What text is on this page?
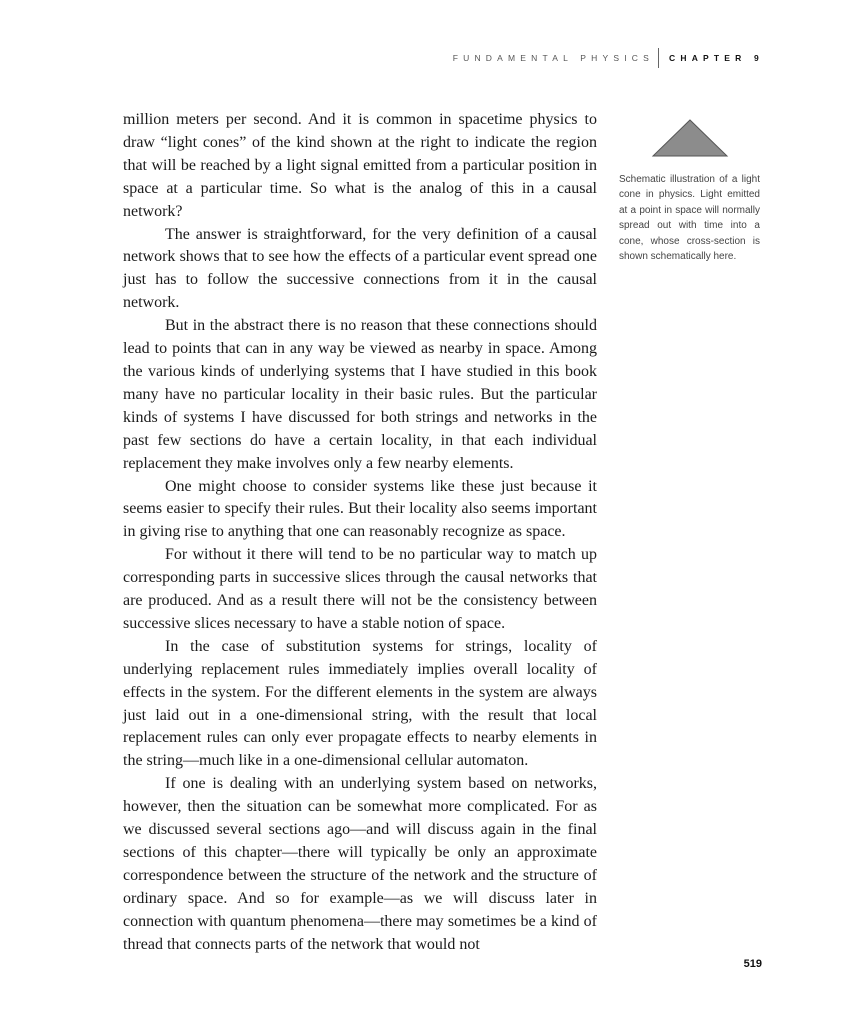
FUNDAMENTAL PHYSICS CHAPTER 9

million meters per second. And it is common in spacetime physics to draw “light cones” of the kind shown at the right to indicate the region that will be reached by a light signal emitted from a particular position in space at a particular time. So what is the analog of this in a causal network?

The answer is straightforward, for the very definition of a causal network shows that to see how the effects of a particular event spread one just has to follow the successive connections from it in the causal network.

But in the abstract there is no reason that these connections should lead to points that can in any way be viewed as nearby in space. Among the various kinds of underlying systems that I have studied in this book many have no particular locality in their basic rules. But the particular kinds of systems I have discussed for both strings and networks in the past few sections do have a certain locality, in that each individual replacement they make involves only a few nearby elements.

One might choose to consider systems like these just because it seems easier to specify their rules. But their locality also seems important in giving rise to anything that one can reasonably recognize as space.

For without it there will tend to be no particular way to match up corresponding parts in successive slices through the causal networks that are produced. And as a result there will not be the consistency between successive slices necessary to have a stable notion of space.

In the case of substitution systems for strings, locality of underlying replacement rules immediately implies overall locality of effects in the system. For the different elements in the system are always just laid out in a one-dimensional string, with the result that local replacement rules can only ever propagate effects to nearby elements in the string—much like in a one-dimensional cellular automaton.

If one is dealing with an underlying system based on networks, however, then the situation can be somewhat more complicated. For as we discussed several sections ago—and will discuss again in the final sections of this chapter—there will typically be only an approximate correspondence between the structure of the network and the structure of ordinary space. And so for example—as we will discuss later in connection with quantum phenomena—there may sometimes be a kind of thread that connects parts of the network that would not

Schematic illustration of a light cone in physics. Light emitted at a point in space will normally spread out with time into a cone, whose cross-section is shown schematically here.
519
